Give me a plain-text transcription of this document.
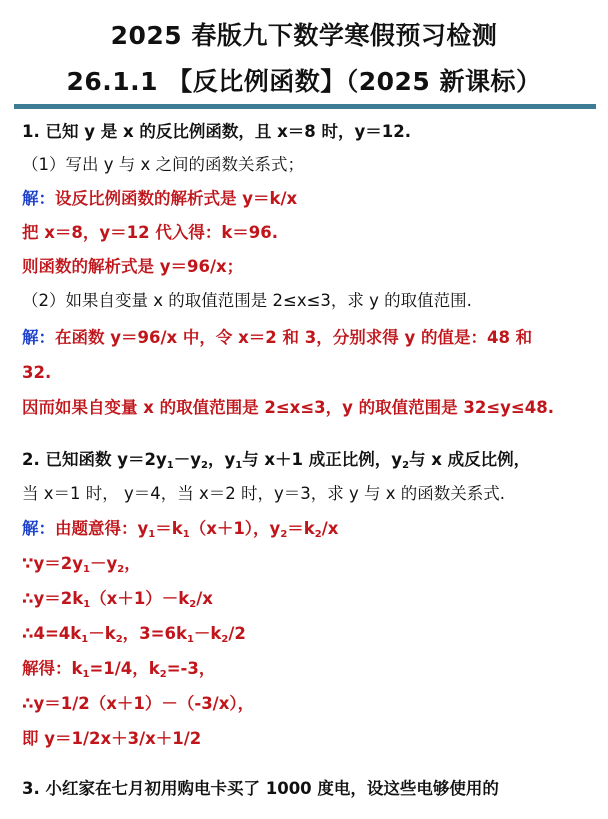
2025 春版九下数学寒假预习检测
26.1.1 【反比例函数】（2025 新课标）
1. 已知 y 是 x 的反比例函数，且 x＝8 时，y＝12.
（1）写出 y 与 x 之间的函数关系式；
解：设反比例函数的解析式是 y＝k/x
把 x＝8，y＝12 代入得：k＝96.
则函数的解析式是 y＝96/x；
（2）如果自变量 x 的取值范围是 2≤x≤3，求 y 的取值范围.
解：在函数 y＝96/x 中，令 x＝2 和 3，分别求得 y 的值是：48 和
32.
因而如果自变量 x 的取值范围是 2≤x≤3，y 的取值范围是 32≤y≤48.
2. 已知函数 $y=2y_1-y_2$，$y_1$与 x＋1 成正比例，$y_2$与 x 成反比例，
当 x＝1 时， y＝4，当 x＝2 时，y＝3，求 y 与 x 的函数关系式.
解：由题意得：$y_1=k_1(x+1)$，$y_2=k_2/x$
$\because y=2y_1-y_2$，
$\therefore y=2k_1(x+1)-k_2/x$
$\therefore 4=4k_1-k_2$，$3=6k_1-k_2/2$
解得：$k_1=1/4$，$k_2=-3$，
∴y＝1/2（x＋1）－（-3/x），
即 y＝1/2x＋3/x＋1/2
3. 小红家在七月初用购电卡买了 1000 度电，设这些电够使用的
